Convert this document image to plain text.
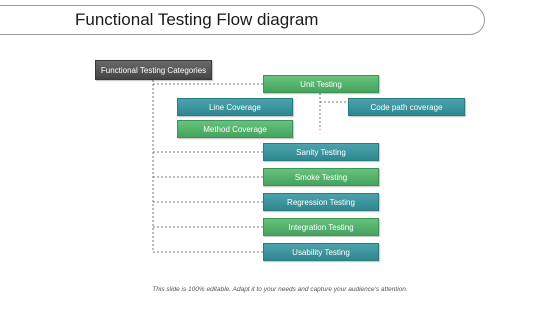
Functional Testing Flow diagram
Functional Testing Categories
Unit Testing
Line Coverage	Code path coverage
Method Coverage
Sanity Testing
Smoke Testing
Regression Testing
Integration Testing
Usability Testing
This slide is 100% editable. Adapt it to your needs and capture your audience's attention.
